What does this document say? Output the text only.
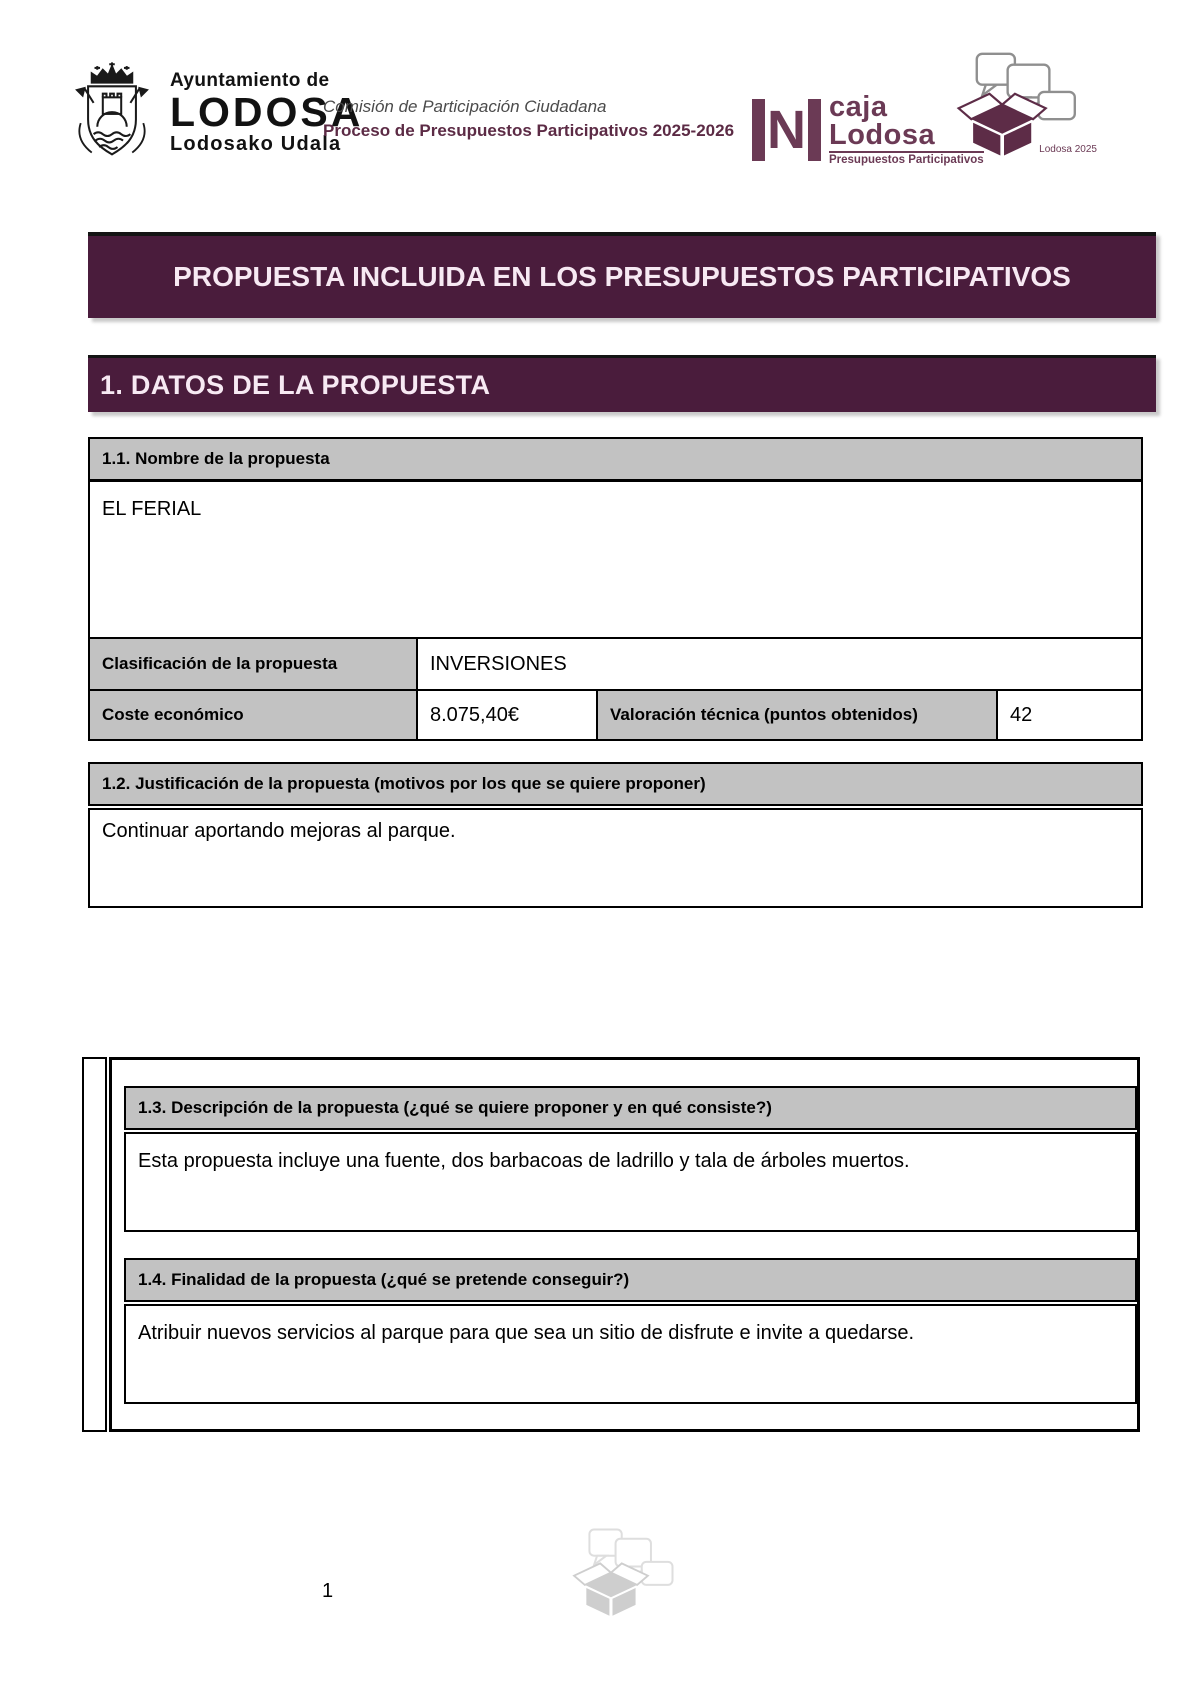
Ayuntamiento de
LODOSA
Lodosako Udala
Comisión de Participación Ciudadana
Proceso de Presupuestos Participativos 2025-2026 N caja
Lodosa
Presupuestos Participativos
Lodosa 2025
PROPUESTA INCLUIDA EN LOS PRESUPUESTOS PARTICIPATIVOS
1. DATOS DE LA PROPUESTA
1.1. Nombre de la propuesta
EL FERIAL
Clasificación de la propuesta	INVERSIONES
Coste económico	8.075,40€	Valoración técnica (puntos obtenidos)	42
1.2. Justificación de la propuesta (motivos por los que se quiere proponer)
Continuar aportando mejoras al parque.
1.3. Descripción de la propuesta (¿qué se quiere proponer y en qué consiste?)
Esta propuesta incluye una fuente, dos barbacoas de ladrillo y tala de árboles muertos.
1.4. Finalidad de la propuesta (¿qué se pretende conseguir?)
Atribuir nuevos servicios al parque para que sea un sitio de disfrute e invite a quedarse.
1
